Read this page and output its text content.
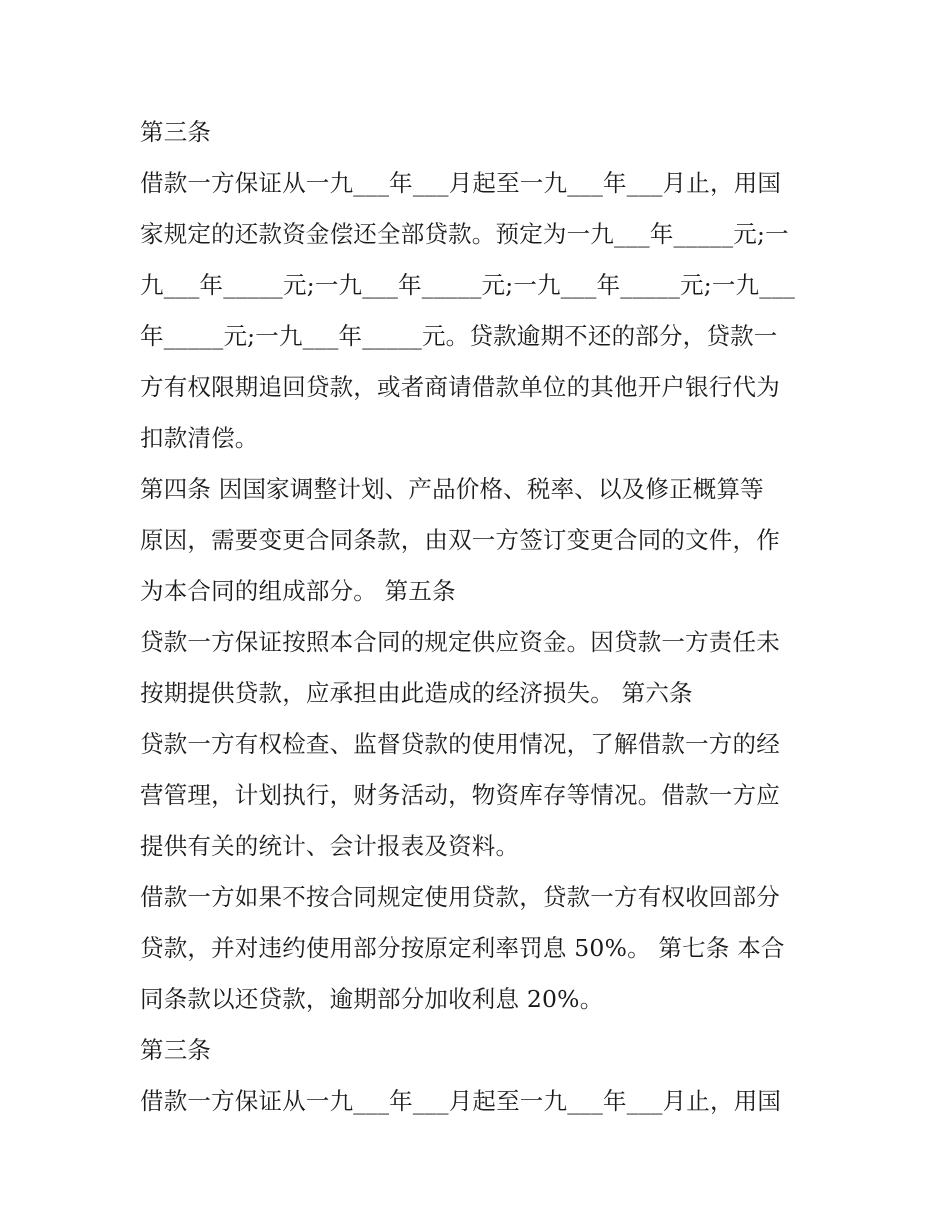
第三条
借款一方保证从一九___年___月起至一九___年___月止，用国
家规定的还款资金偿还全部贷款。预定为一九___年_____元;一
九___年_____元;一九___年_____元;一九___年_____元;一九___
年_____元;一九___年_____元。贷款逾期不还的部分，贷款一
方有权限期追回贷款，或者商请借款单位的其他开户银行代为
扣款清偿。
第四条 因国家调整计划、产品价格、税率、以及修正概算等
原因，需要变更合同条款，由双一方签订变更合同的文件，作
为本合同的组成部分。 第五条
贷款一方保证按照本合同的规定供应资金。因贷款一方责任未
按期提供贷款，应承担由此造成的经济损失。 第六条
贷款一方有权检查、监督贷款的使用情况，了解借款一方的经
营管理，计划执行，财务活动，物资库存等情况。借款一方应
提供有关的统计、会计报表及资料。
借款一方如果不按合同规定使用贷款，贷款一方有权收回部分
贷款，并对违约使用部分按原定利率罚息 50%。 第七条 本合
同条款以还贷款，逾期部分加收利息 20%。
第三条
借款一方保证从一九___年___月起至一九___年___月止，用国
